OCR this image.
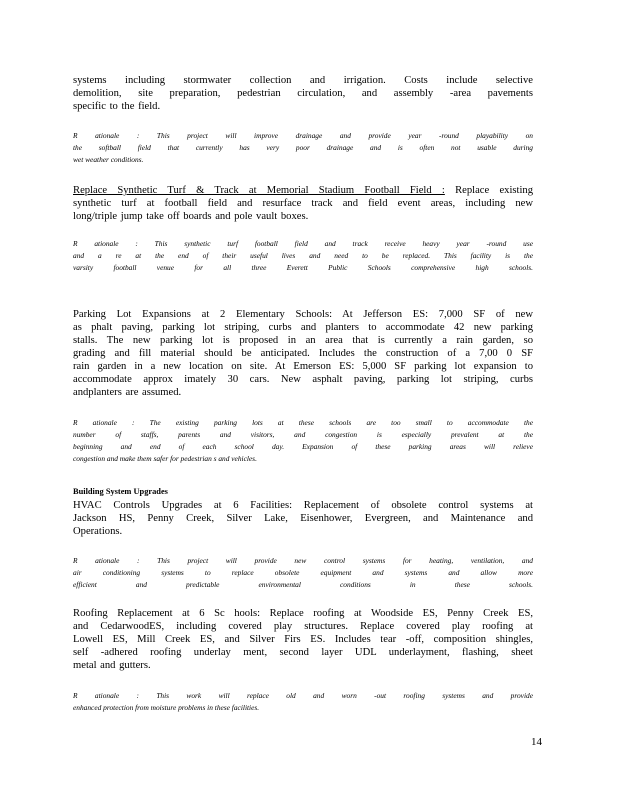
systems including stormwater collection and irrigation. Costs include selective
demolition, site preparation, pedestrian circulation, and assembly -area pavements
specific to the field.
R ationale : This project will improve drainage and provide year -round playability on
the softball field that currently has very poor drainage and is often not usable during
wet weather conditions.
Replace Synthetic Turf & Track at Memorial Stadium Football Field : Replace existing
synthetic turf at football field and resurface track and field event areas, including new
long/triple jump take off boards and pole vault boxes.
R ationale : This synthetic turf football field and track receive heavy year -round use
and a re at the end of their useful lives and need to be replaced. This facility is the
varsity football venue for all three Everett Public Schools comprehensive high schools.
Parking Lot Expansions at 2 Elementary Schools: At Jefferson ES: 7,000 SF of new
as phalt paving, parking lot striping, curbs and planters to accommodate 42 new parking
stalls. The new parking lot is proposed in an area that is currently a rain garden, so
grading and fill material should be anticipated. Includes the construction of a 7,00 0 SF
rain garden in a new location on site. At Emerson ES: 5,000 SF parking lot expansion to
accommodate approx imately 30 cars. New asphalt paving, parking lot striping, curbs
andplanters are assumed.
R ationale : The existing parking lots at these schools are too small to accommodate the
number of staffs, parents and visitors, and congestion is especially prevalent at the
beginning and end of each school day. Expansion of these parking areas will relieve
congestion and make them safer for pedestrian s and vehicles.
Building System Upgrades
HVAC Controls Upgrades at 6 Facilities: Replacement of obsolete control systems at
Jackson HS, Penny Creek, Silver Lake, Eisenhower, Evergreen, and Maintenance and
Operations.
R ationale : This project will provide new control systems for heating, ventilation, and
air conditioning systems to replace obsolete equipment and systems and allow more
efficient and predictable environmental conditions in these schools.
Roofing Replacement at 6 Sc hools: Replace roofing at Woodside ES, Penny Creek ES,
and CedarwoodES, including covered play structures. Replace covered play roofing at
Lowell ES, Mill Creek ES, and Silver Firs ES. Includes tear -off, composition shingles,
self -adhered roofing underlay ment, second layer UDL underlayment, flashing, sheet
metal and gutters.
R ationale : This work will replace old and worn -out roofing systems and provide
enhanced protection from moisture problems in these facilities.
14
